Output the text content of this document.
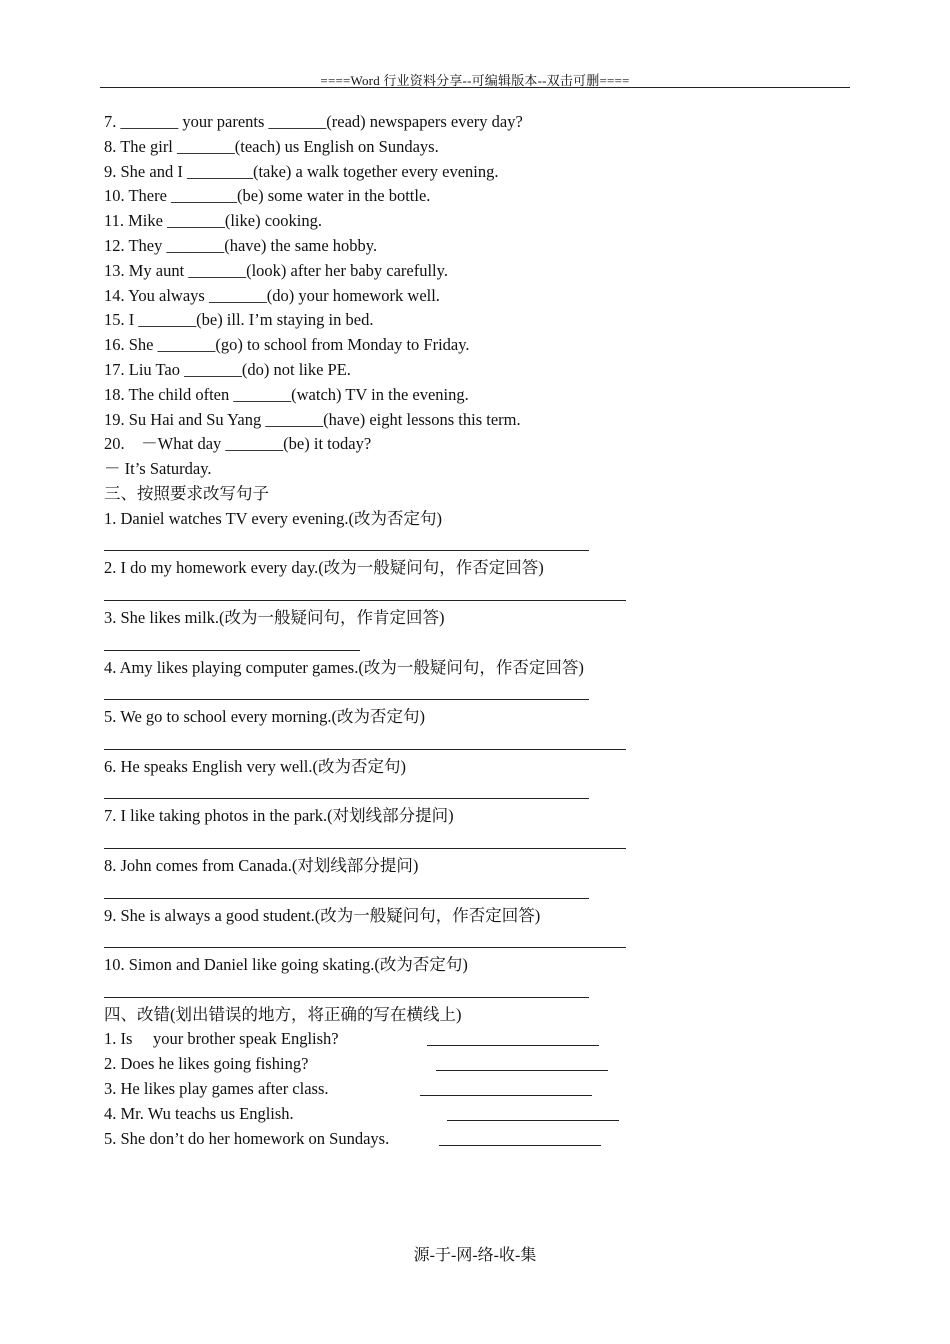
====Word 行业资料分享--可编辑版本--双击可删====
7. _______ your parents _______(read) newspapers every day?
8. The girl _______(teach) us English on Sundays.
9. She and I ________(take) a walk together every evening.
10. There ________(be) some water in the bottle.
11. Mike _______(like) cooking.
12. They _______(have) the same hobby.
13. My aunt _______(look) after her baby carefully.
14. You always _______(do) your homework well.
15. I _______(be) ill. I’m staying in bed.
16. She _______(go) to school from Monday to Friday.
17. Liu Tao _______(do) not like PE.
18. The child often _______(watch) TV in the evening.
19. Su Hai and Su Yang _______(have) eight lessons this term.
20.　－What day _______(be) it today?
－ It’s Saturday.
三、按照要求改写句子
1. Daniel watches TV every evening.(改为否定句)
2. I do my homework every day.(改为一般疑问句，作否定回答)
3. She likes milk.(改为一般疑问句，作肯定回答)
4. Amy likes playing computer games.(改为一般疑问句，作否定回答)
5. We go to school every morning.(改为否定句)
6. He speaks English very well.(改为否定句)
7. I like taking photos in the park.(对划线部分提问)
8. John comes from Canada.(对划线部分提问)
9. She is always a good student.(改为一般疑问句，作否定回答)
10. Simon and Daniel like going skating.(改为否定句)
四、改错(划出错误的地方，将正确的写在横线上)
1. Is　 your brother speak English?
2. Does he likes going fishing?
3. He likes play games after class.
4. Mr. Wu teachs us English.
5. She don’t do her homework on Sundays.
源-于-网-络-收-集
